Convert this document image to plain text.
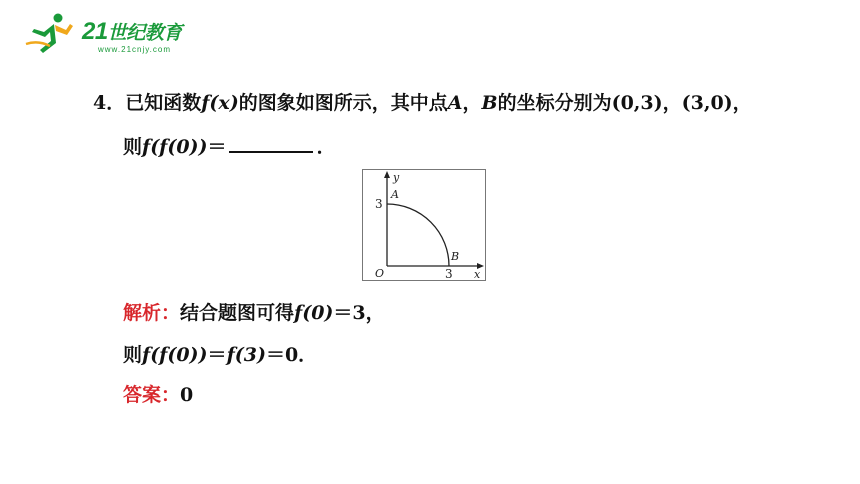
21世纪教育
www.21cnjy.com
4．已知函数f(x)的图象如图所示，其中点A，B的坐标分别为(0,3)，(3,0)，
则f(f(0))＝	．
y
x
O
A
B
3
3
解析：结合题图可得f(0)＝3，
则f(f(0))＝f(3)＝0．
答案：0
